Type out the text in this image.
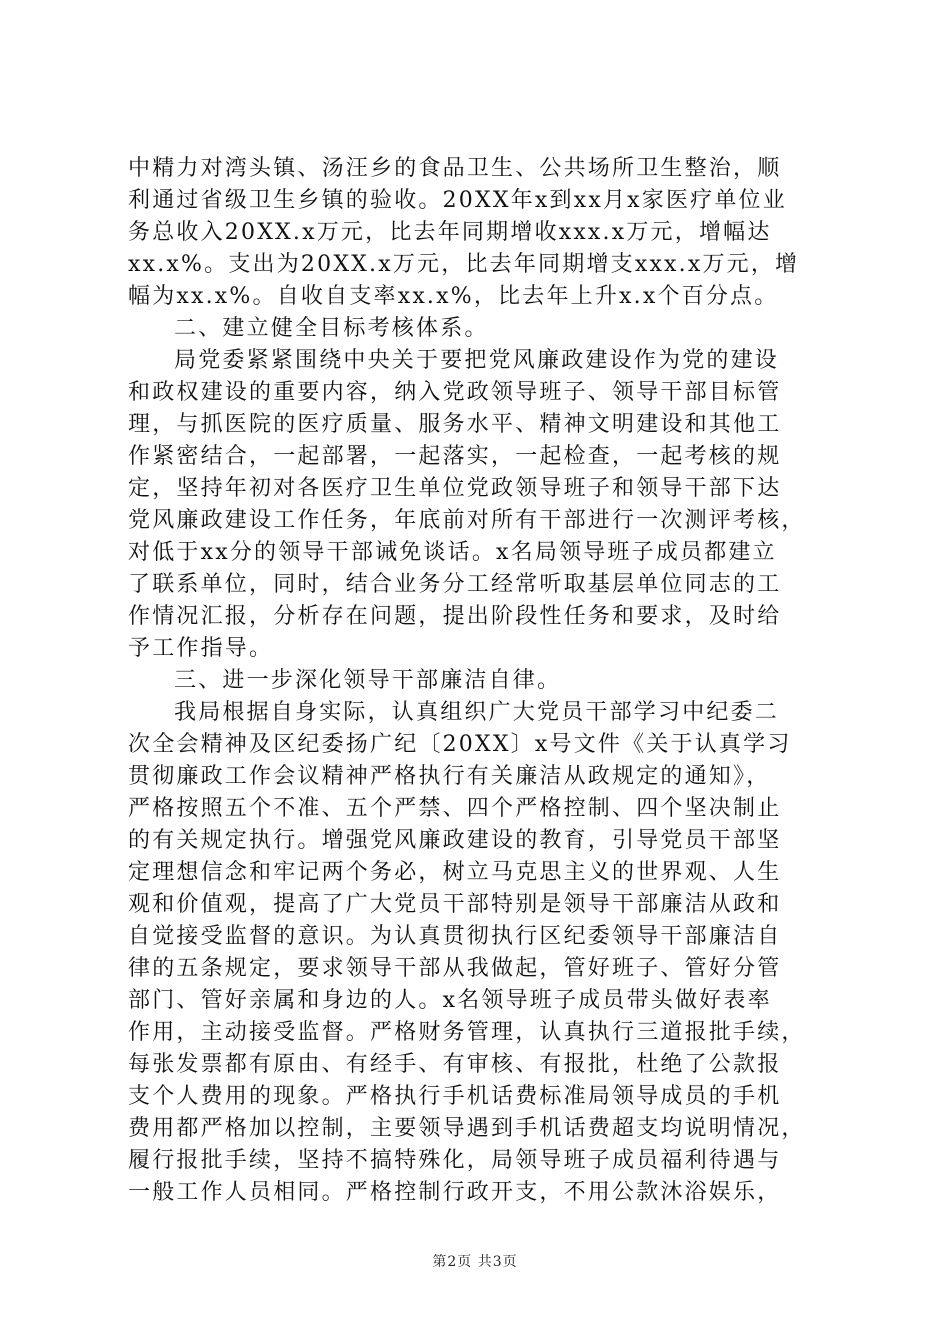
中精力对湾头镇、汤汪乡的食品卫生、公共场所卫生整治，顺

利通过省级卫生乡镇的验收。20XX年x到xx月x家医疗单位业

务总收入20XX.x万元，比去年同期增收xxx.x万元，增幅达

xx.x%。支出为20XX.x万元，比去年同期增支xxx.x万元，增

幅为xx.x%。自收自支率xx.x%，比去年上升x.x个百分点。

二、建立健全目标考核体系。

局党委紧紧围绕中央关于要把党风廉政建设作为党的建设

和政权建设的重要内容，纳入党政领导班子、领导干部目标管

理，与抓医院的医疗质量、服务水平、精神文明建设和其他工

作紧密结合，一起部署，一起落实，一起检查，一起考核的规

定，坚持年初对各医疗卫生单位党政领导班子和领导干部下达

党风廉政建设工作任务，年底前对所有干部进行一次测评考核，

对低于xx分的领导干部诫免谈话。x名局领导班子成员都建立

了联系单位，同时，结合业务分工经常听取基层单位同志的工

作情况汇报，分析存在问题，提出阶段性任务和要求，及时给

予工作指导。

三、进一步深化领导干部廉洁自律。

我局根据自身实际，认真组织广大党员干部学习中纪委二

次全会精神及区纪委扬广纪〔20XX〕x号文件《关于认真学习

贯彻廉政工作会议精神严格执行有关廉洁从政规定的通知》，

严格按照五个不准、五个严禁、四个严格控制、四个坚决制止

的有关规定执行。增强党风廉政建设的教育，引导党员干部坚

定理想信念和牢记两个务必，树立马克思主义的世界观、人生

观和价值观，提高了广大党员干部特别是领导干部廉洁从政和

自觉接受监督的意识。为认真贯彻执行区纪委领导干部廉洁自

律的五条规定，要求领导干部从我做起，管好班子、管好分管

部门、管好亲属和身边的人。x名领导班子成员带头做好表率

作用，主动接受监督。严格财务管理，认真执行三道报批手续，

每张发票都有原由、有经手、有审核、有报批，杜绝了公款报

支个人费用的现象。严格执行手机话费标准局领导成员的手机

费用都严格加以控制，主要领导遇到手机话费超支均说明情况，

履行报批手续，坚持不搞特殊化，局领导班子成员福利待遇与

一般工作人员相同。严格控制行政开支，不用公款沐浴娱乐，

第2页 共3页
